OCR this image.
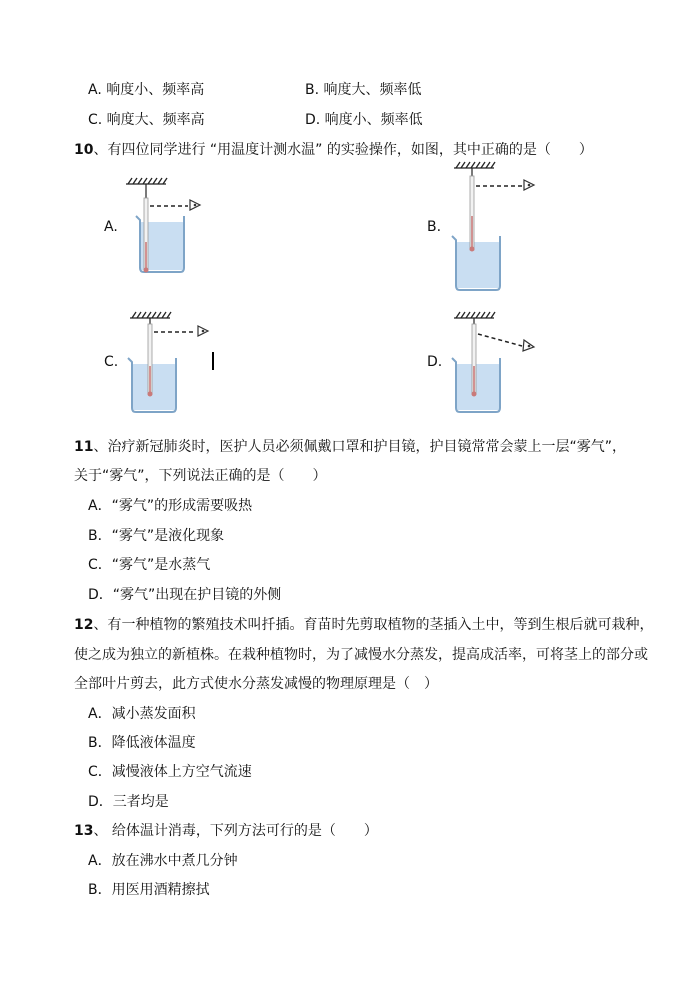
A. 响度小、频率高	B. 响度大、频率低
C. 响度大、频率高	D. 响度小、频率低
10、有四位同学进行 “用温度计测水温” 的实验操作，如图，其中正确的是（　　）
A.	B.
C.	D.
11、治疗新冠肺炎时，医护人员必须佩戴口罩和护目镜，护目镜常常会蒙上一层“雾气”，
关于“雾气”，下列说法正确的是（　　）
A．“雾气”的形成需要吸热
B．“雾气”是液化现象
C．“雾气”是水蒸气
D．“雾气”出现在护目镜的外侧
12、有一种植物的繁殖技术叫扦插。育苗时先剪取植物的茎插入土中，等到生根后就可栽种，
使之成为独立的新植株。在栽种植物时，为了减慢水分蒸发，提高成活率，可将茎上的部分或
全部叶片剪去，此方式使水分蒸发减慢的物理原理是（　）
A．减小蒸发面积
B．降低液体温度
C．减慢液体上方空气流速
D．三者均是
13、 给体温计消毒，下列方法可行的是（　　）
A．放在沸水中煮几分钟
B．用医用酒精擦拭
